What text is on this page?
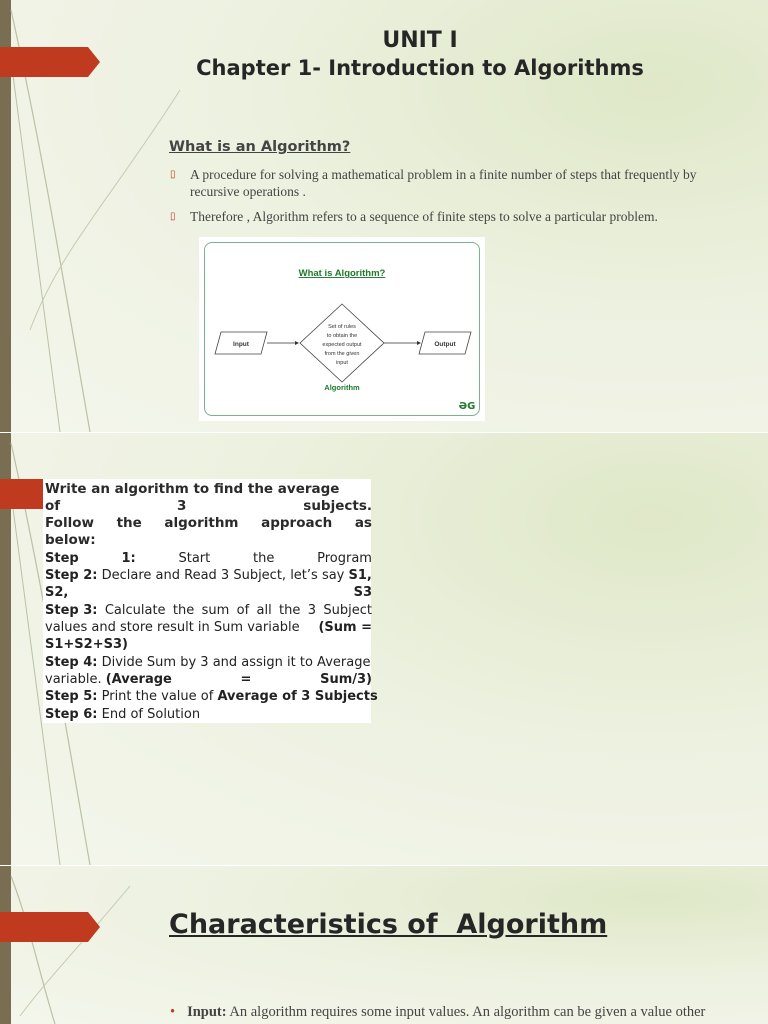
UNIT I
Chapter 1- Introduction to Algorithms
What is an Algorithm?
▯ A procedure for solving a mathematical problem in a finite number of steps that frequently by recursive operations .
▯ Therefore , Algorithm refers to a sequence of finite steps to solve a particular problem.
What is Algorithm?
Input
Set of rules
to obtain the
expected output
from the given
input
Output
Algorithm
ƏG
Write an algorithm to find the average
of	3	subjects.
Follow the algorithm approach as
below:
Step	1:	Start	the	Program
Step 2: Declare and Read 3 Subject, let’s say S1,
S2,	S3
Step 3: Calculate the sum of all the 3 Subject
values and store result in Sum variable (Sum =
S1+S2+S3)
Step 4: Divide Sum by 3 and assign it to Average
variable. (Average	=	Sum/3)
Step 5: Print the value of Average of 3 Subjects
Step 6: End of Solution
Characteristics of  Algorithm
• Input: An algorithm requires some input values. An algorithm can be given a value other
